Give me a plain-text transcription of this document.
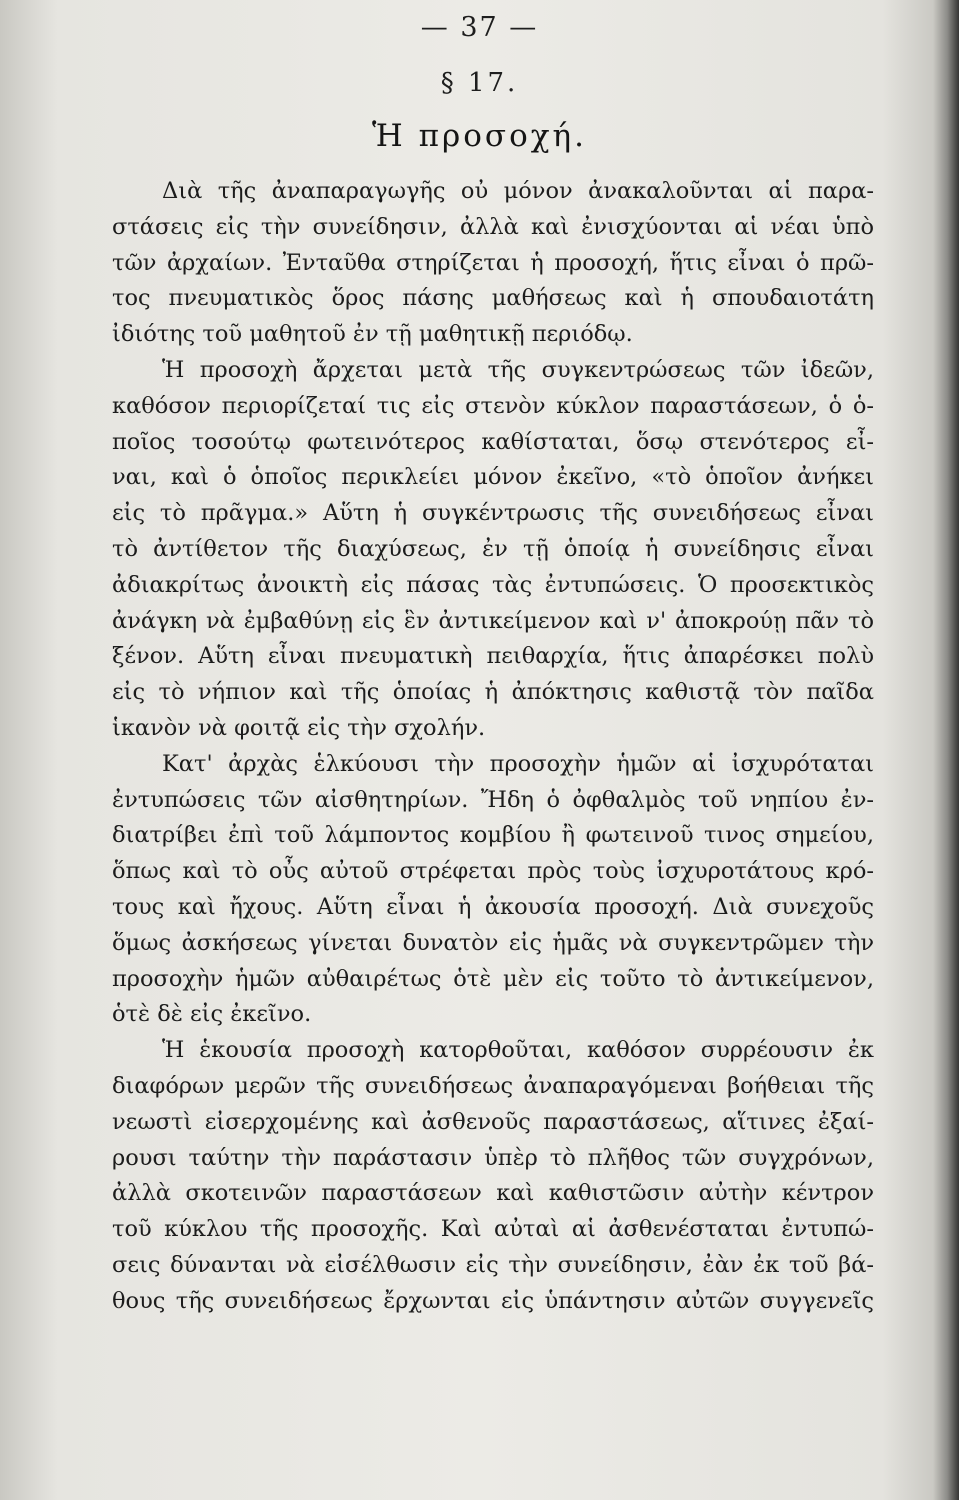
— 37 —
§ 17.
Ἡ προσοχή.
Διὰ τῆς ἀναπαραγωγῆς οὐ μόνον ἀνακαλοῦνται αἱ παρα-
στάσεις εἰς τὴν συνείδησιν, ἀλλὰ καὶ ἐνισχύονται αἱ νέαι ὑπὸ
τῶν ἀρχαίων. Ἐνταῦθα στηρίζεται ἡ προσοχή, ἥτις εἶναι ὁ πρῶ-
τος πνευματικὸς ὅρος πάσης μαθήσεως καὶ ἡ σπουδαιοτάτη
ἰδιότης τοῦ μαθητοῦ ἐν τῇ μαθητικῇ περιόδῳ.
Ἡ προσοχὴ ἄρχεται μετὰ τῆς συγκεντρώσεως τῶν ἰδεῶν,
καθόσον περιορίζεταί τις εἰς στενὸν κύκλον παραστάσεων, ὁ ὁ-
ποῖος τοσούτῳ φωτεινότερος καθίσταται, ὅσῳ στενότερος εἶ-
ναι, καὶ ὁ ὁποῖος περικλείει μόνον ἐκεῖνο, «τὸ ὁποῖον ἀνήκει
εἰς τὸ πρᾶγμα.» Αὕτη ἡ συγκέντρωσις τῆς συνειδήσεως εἶναι
τὸ ἀντίθετον τῆς διαχύσεως, ἐν τῇ ὁποίᾳ ἡ συνείδησις εἶναι
ἀδιακρίτως ἀνοικτὴ εἰς πάσας τὰς ἐντυπώσεις. Ὁ προσεκτικὸς
ἀνάγκη νὰ ἐμβαθύνῃ εἰς ἓν ἀντικείμενον καὶ ν' ἀποκρούῃ πᾶν τὸ
ξένον. Αὕτη εἶναι πνευματικὴ πειθαρχία, ἥτις ἀπαρέσκει πολὺ
εἰς τὸ νήπιον καὶ τῆς ὁποίας ἡ ἀπόκτησις καθιστᾷ τὸν παῖδα
ἱκανὸν νὰ φοιτᾷ εἰς τὴν σχολήν.
Κατ' ἀρχὰς ἑλκύουσι τὴν προσοχὴν ἡμῶν αἱ ἰσχυρόταται
ἐντυπώσεις τῶν αἰσθητηρίων. Ἤδη ὁ ὀφθαλμὸς τοῦ νηπίου ἐν-
διατρίβει ἐπὶ τοῦ λάμποντος κομβίου ἢ φωτεινοῦ τινος σημείου,
ὅπως καὶ τὸ οὖς αὐτοῦ στρέφεται πρὸς τοὺς ἰσχυροτάτους κρό-
τους καὶ ἤχους. Αὕτη εἶναι ἡ ἀκουσία προσοχή. Διὰ συνεχοῦς
ὅμως ἀσκήσεως γίνεται δυνατὸν εἰς ἡμᾶς νὰ συγκεντρῶμεν τὴν
προσοχὴν ἡμῶν αὐθαιρέτως ὁτὲ μὲν εἰς τοῦτο τὸ ἀντικείμενον,
ὁτὲ δὲ εἰς ἐκεῖνο.
Ἡ ἑκουσία προσοχὴ κατορθοῦται, καθόσον συρρέουσιν ἐκ
διαφόρων μερῶν τῆς συνειδήσεως ἀναπαραγόμεναι βοήθειαι τῆς
νεωστὶ εἰσερχομένης καὶ ἀσθενοῦς παραστάσεως, αἵτινες ἐξαί-
ρουσι ταύτην τὴν παράστασιν ὑπὲρ τὸ πλῆθος τῶν συγχρόνων,
ἀλλὰ σκοτεινῶν παραστάσεων καὶ καθιστῶσιν αὐτὴν κέντρον
τοῦ κύκλου τῆς προσοχῆς. Καὶ αὐταὶ αἱ ἀσθενέσταται ἐντυπώ-
σεις δύνανται νὰ εἰσέλθωσιν εἰς τὴν συνείδησιν, ἐὰν ἐκ τοῦ βά-
θους τῆς συνειδήσεως ἔρχωνται εἰς ὑπάντησιν αὐτῶν συγγενεῖς
